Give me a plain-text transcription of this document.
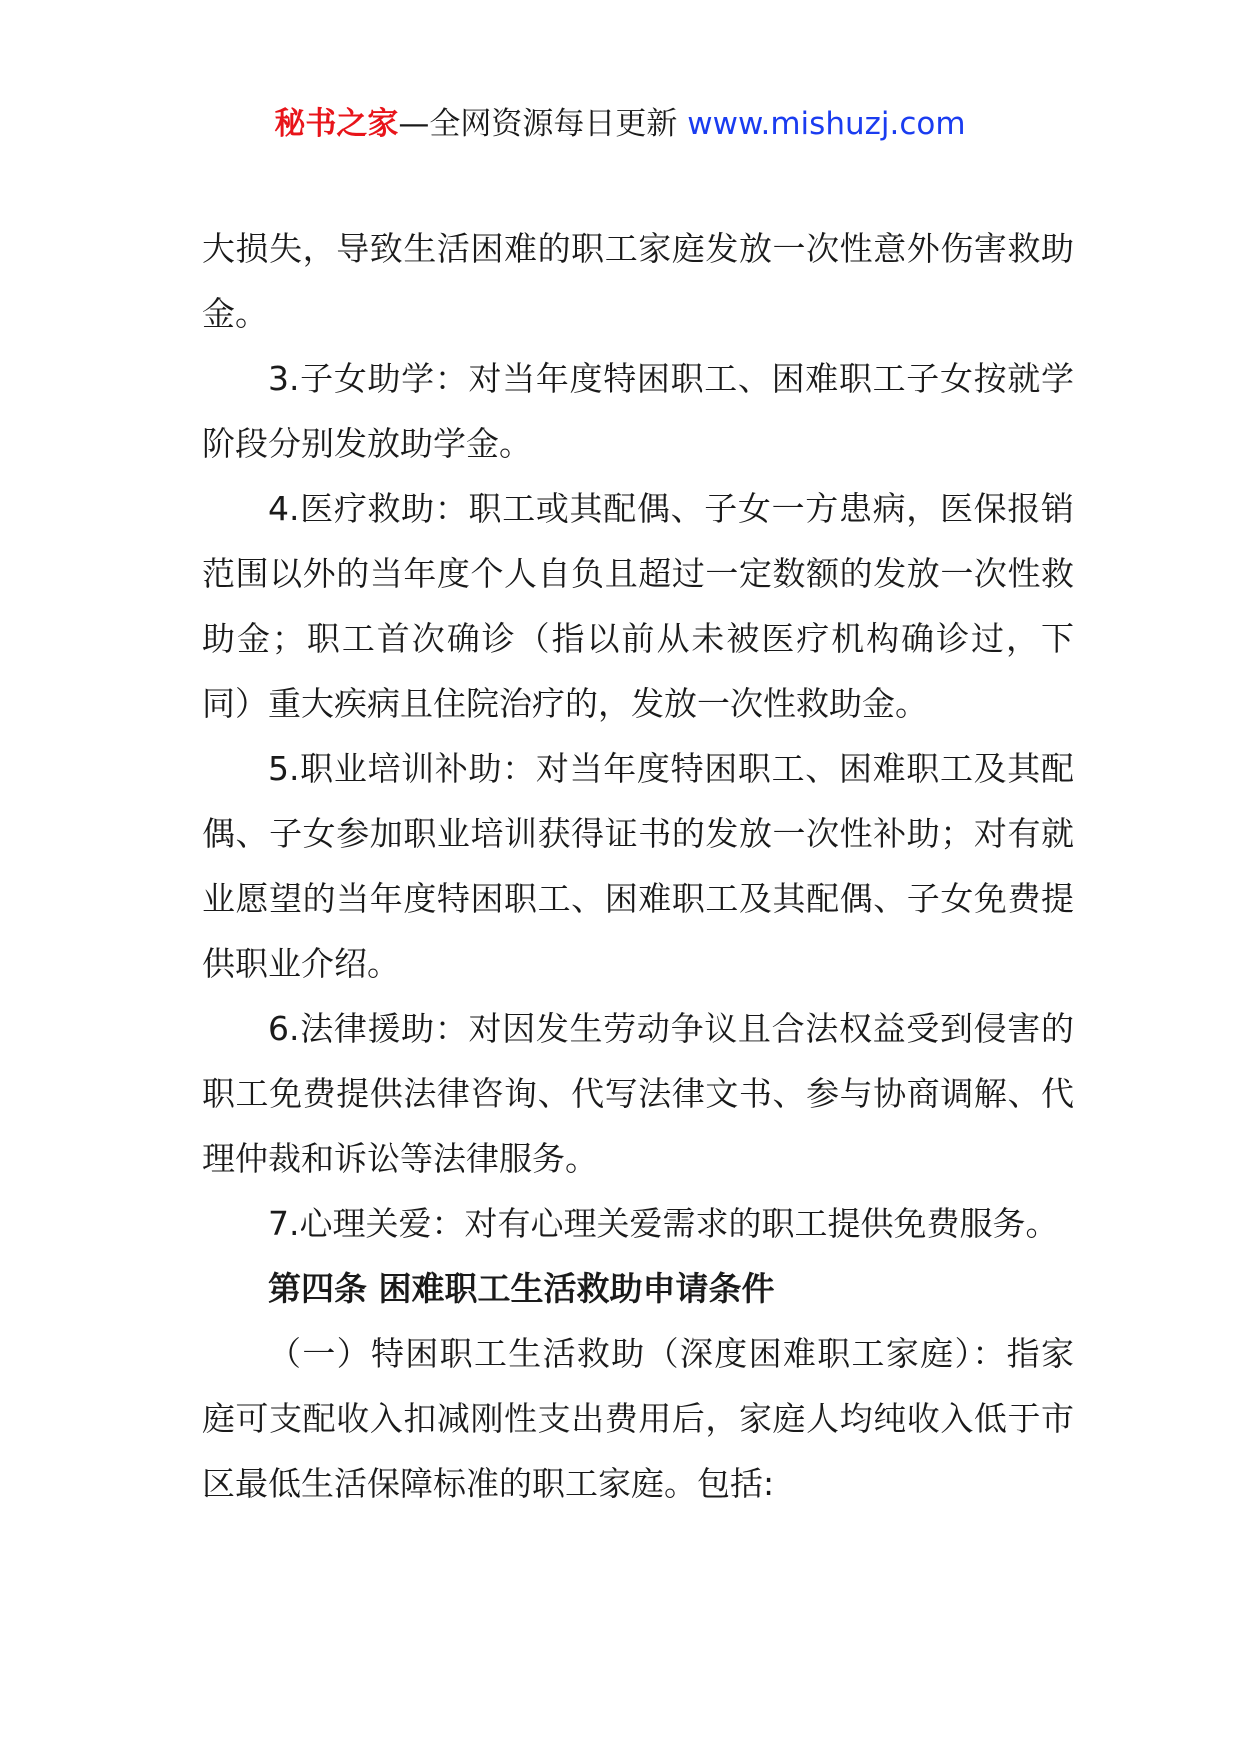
秘书之家—全网资源每日更新 www.mishuzj.com

大损失，导致生活困难的职工家庭发放一次性意外伤害救助金。

3.子女助学：对当年度特困职工、困难职工子女按就学阶段分别发放助学金。

4.医疗救助：职工或其配偶、子女一方患病，医保报销范围以外的当年度个人自负且超过一定数额的发放一次性救助金；职工首次确诊（指以前从未被医疗机构确诊过，下同）重大疾病且住院治疗的，发放一次性救助金。

5.职业培训补助：对当年度特困职工、困难职工及其配偶、子女参加职业培训获得证书的发放一次性补助；对有就业愿望的当年度特困职工、困难职工及其配偶、子女免费提供职业介绍。

6.法律援助：对因发生劳动争议且合法权益受到侵害的职工免费提供法律咨询、代写法律文书、参与协商调解、代理仲裁和诉讼等法律服务。

7.心理关爱：对有心理关爱需求的职工提供免费服务。

第四条 困难职工生活救助申请条件

（一）特困职工生活救助（深度困难职工家庭）：指家庭可支配收入扣减刚性支出费用后，家庭人均纯收入低于市区最低生活保障标准的职工家庭。包括:
